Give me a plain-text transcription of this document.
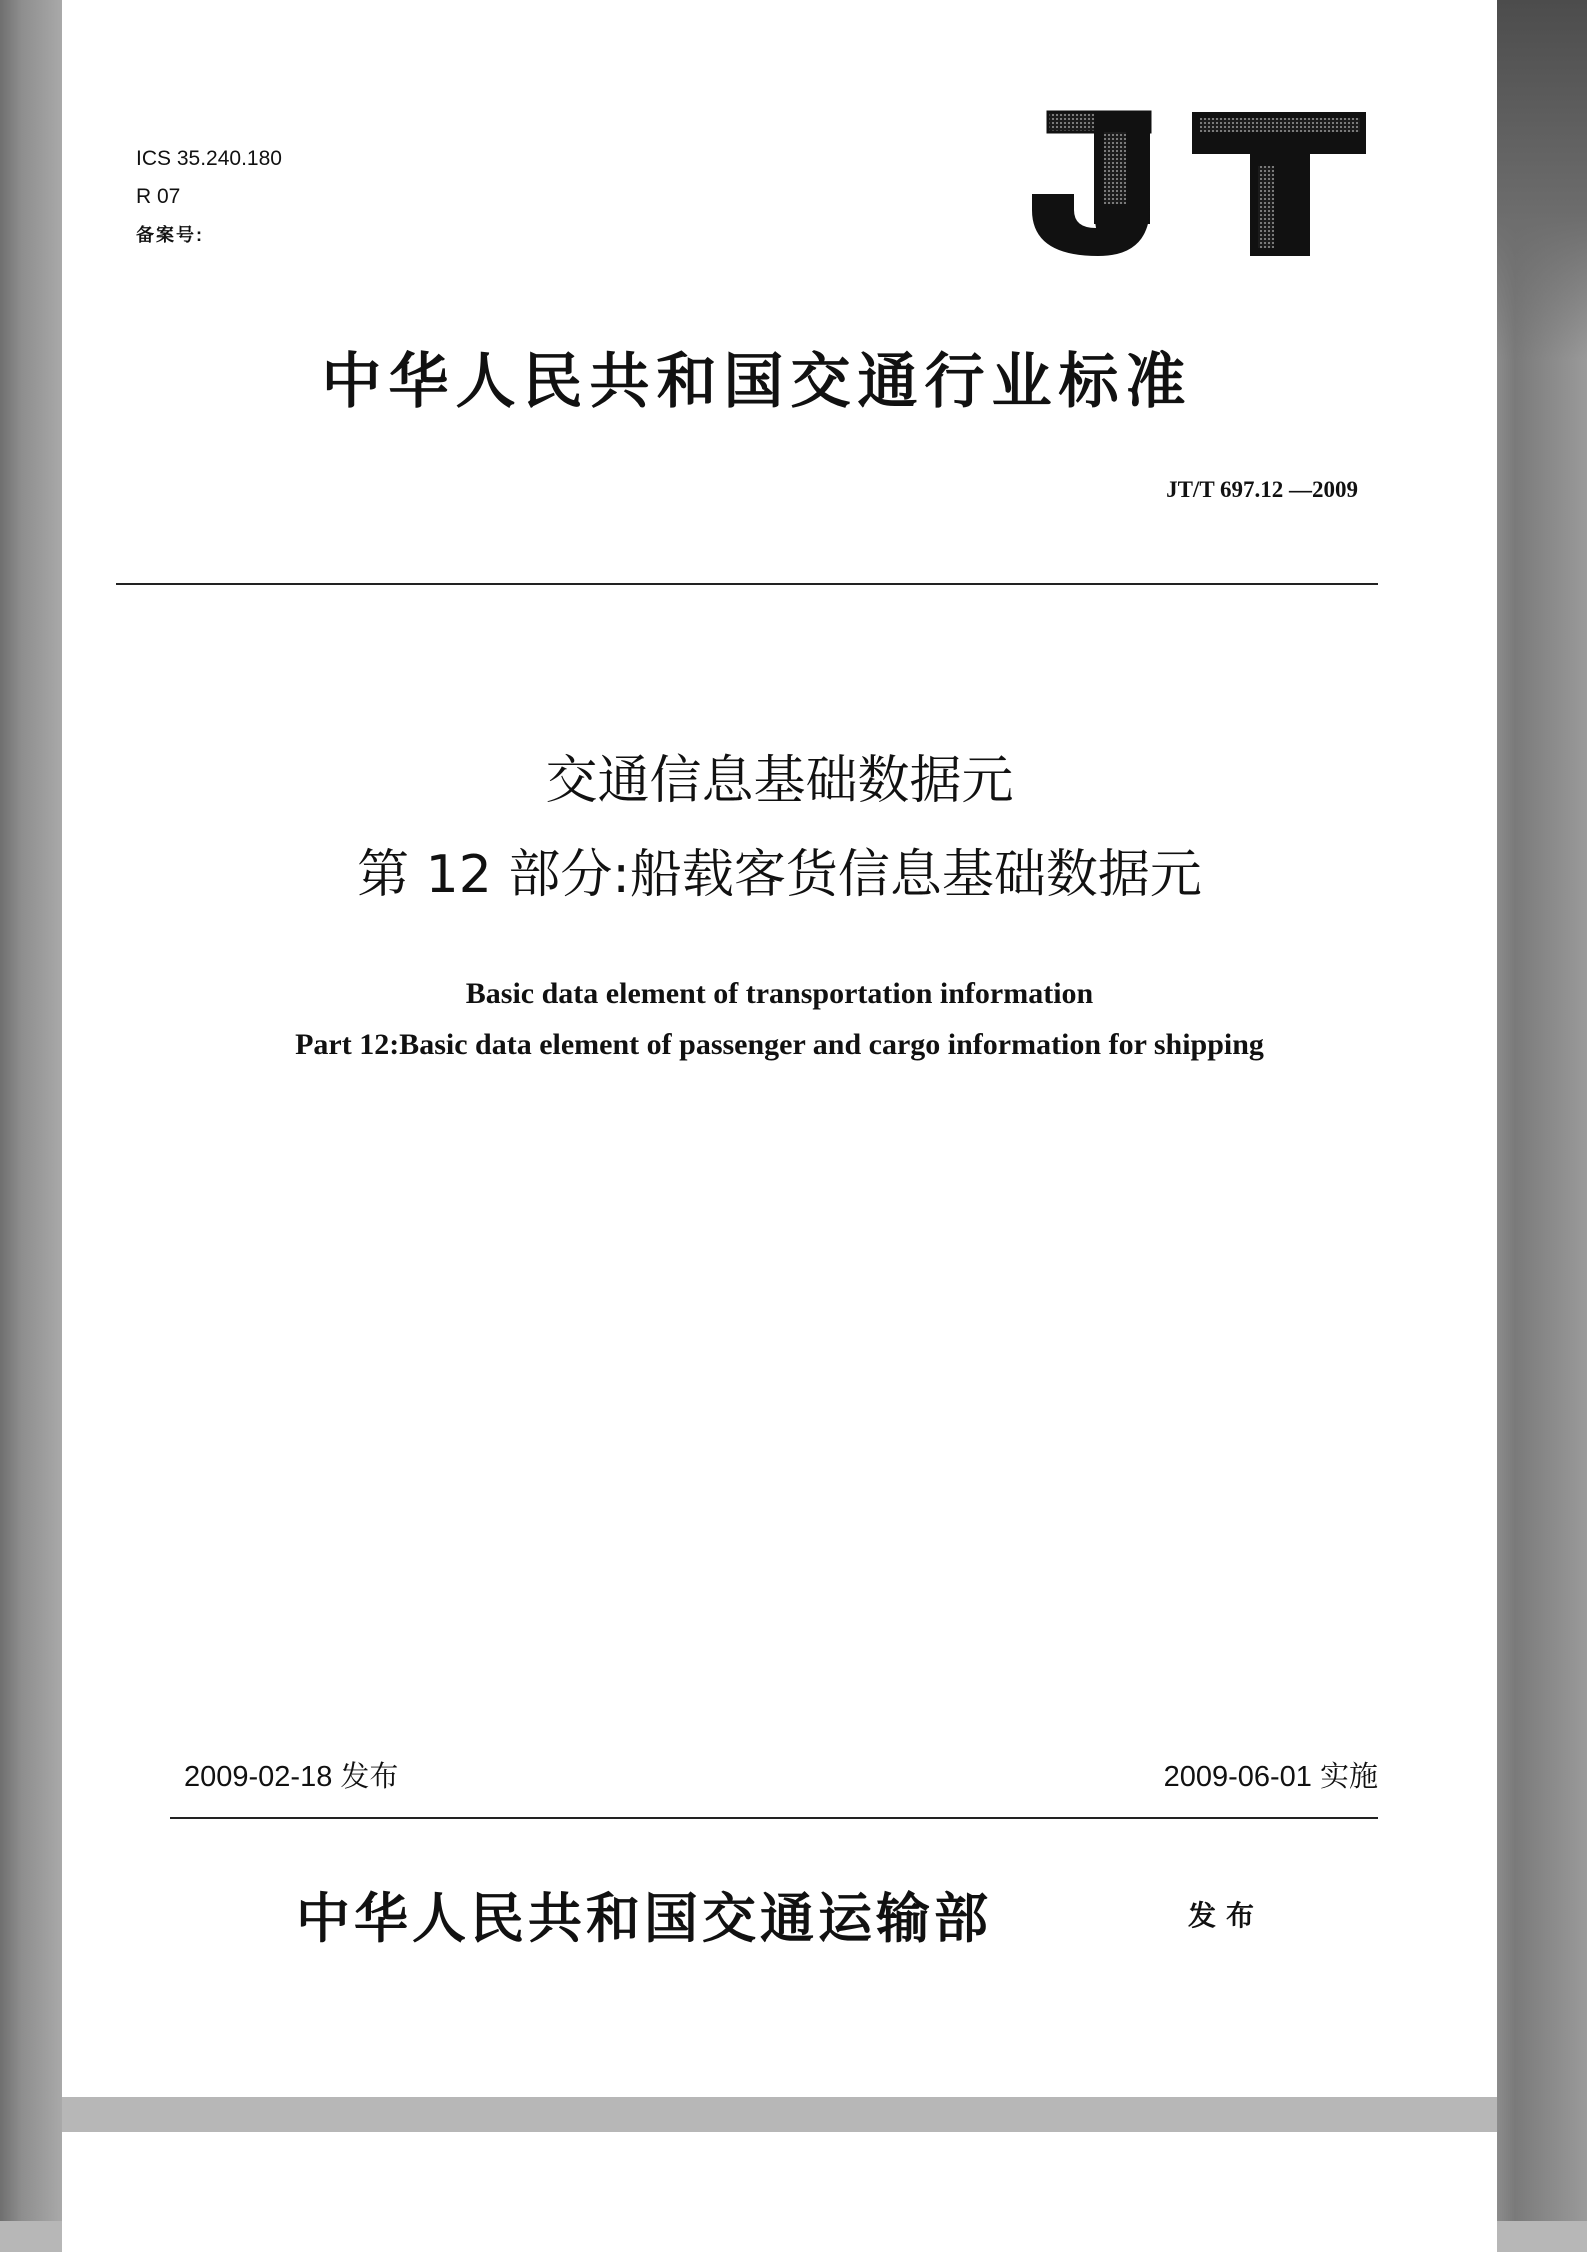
ICS 35.240.180
R 07
备案号:
中华人民共和国交通行业标准
JT/T 697.12 —2009
交通信息基础数据元
第 12 部分:船载客货信息基础数据元
Basic data element of transportation information
Part 12:Basic data element of passenger and cargo information for shipping
2009-02-18 发布	2009-06-01 实施
中华人民共和国交通运输部	发布
